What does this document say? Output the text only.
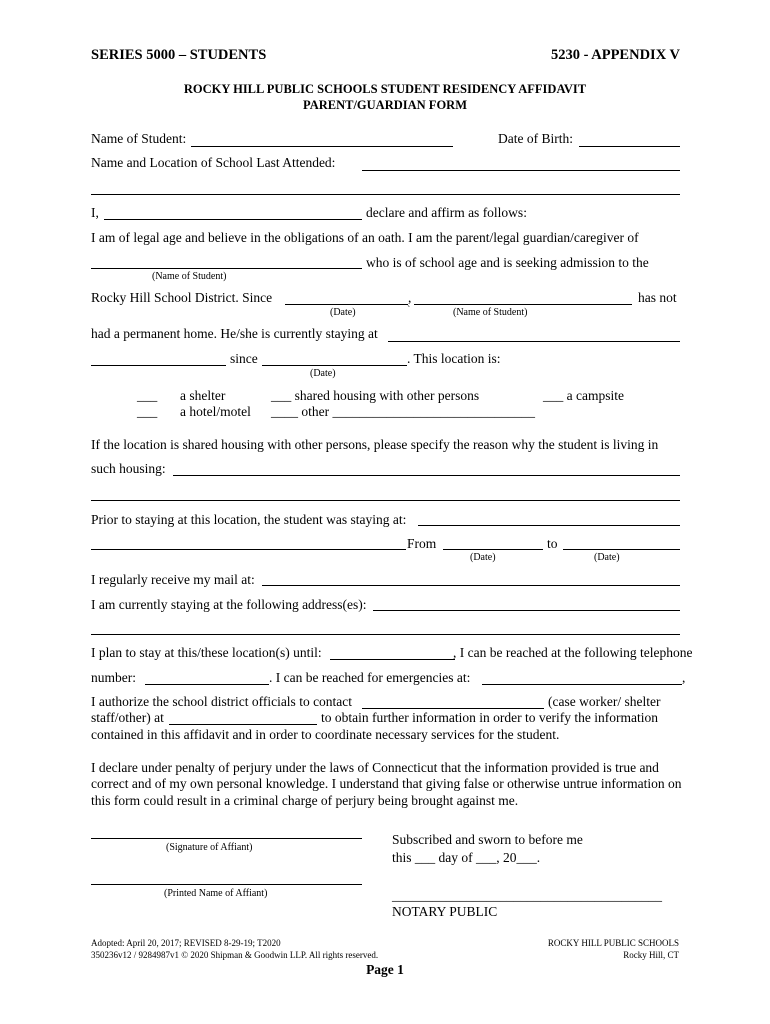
SERIES 5000 – STUDENTS	5230 - APPENDIX V
ROCKY HILL PUBLIC SCHOOLS STUDENT RESIDENCY AFFIDAVIT
PARENT/GUARDIAN FORM
Name of Student:	Date of Birth:
Name and Location of School Last Attended:
I,	declare and affirm as follows:
I am of legal age and believe in the obligations of an oath. I am the parent/legal guardian/caregiver of
who is of school age and is seeking admission to the
(Name of Student)
Rocky Hill School District. Since	,	has not
(Date)	`	(Name of Student)
had a permanent home. He/she is currently staying at
since	. This location is:
(Date)
___ a shelter	___ shared housing with other persons	___ a campsite
___ a hotel/motel ____ other ______________________________
If the location is shared housing with other persons, please specify the reason why the student is living in
such housing:
Prior to staying at this location, the student was staying at:
From	to
(Date)	(Date)
I regularly receive my mail at:
I am currently staying at the following address(es):
I plan to stay at this/these location(s) until:	, I can be reached at the following telephone
number:	. I can be reached for emergencies at:	,
I authorize the school district officials to contact	(case worker/ shelter
staff/other) at	to obtain further information in order to verify the information
contained in this affidavit and in order to coordinate necessary services for the student.
I declare under penalty of perjury under the laws of Connecticut that the information provided is true and
correct and of my own personal knowledge. I understand that giving false or otherwise untrue information on
this form could result in a criminal charge of perjury being brought against me.
(Signature of Affiant)
Subscribed and sworn to before me
this ___ day of ___, 20___.
(Printed Name of Affiant)	________________________________________
NOTARY PUBLIC
Adopted: April 20, 2017; REVISED 8-29-19; T2020
350236v12 / 9284987v1 © 2020 Shipman & Goodwin LLP. All rights reserved.
ROCKY HILL PUBLIC SCHOOLS
Rocky Hill, CT
Page 1
